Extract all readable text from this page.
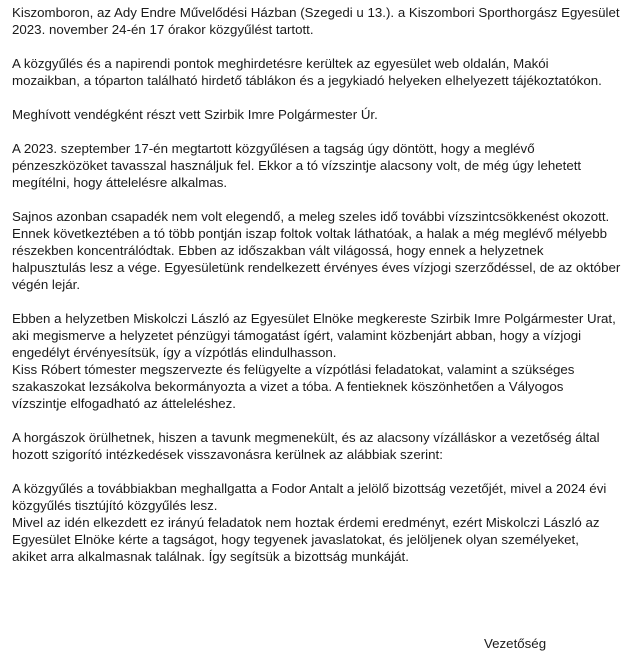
Kiszomboron, az Ady Endre Művelődési Házban (Szegedi u 13.). a Kiszombori Sporthorgász Egyesület
2023. november 24-én 17 órakor közgyűlést tartott.

A közgyűlés és a napirendi pontok meghirdetésre kerültek az egyesület web oldalán, Makói
mozaikban, a tóparton található hirdető táblákon és a jegykiadó helyeken elhelyezett tájékoztatókon.

Meghívott vendégként részt vett Szirbik Imre Polgármester Úr.

A 2023. szeptember 17-én megtartott közgyűlésen a tagság úgy döntött, hogy a meglévő
pénzeszközöket tavasszal használjuk fel. Ekkor a tó vízszintje alacsony volt, de még úgy lehetett
megítélni, hogy áttelelésre alkalmas.

Sajnos azonban csapadék nem volt elegendő, a meleg szeles idő további vízszintcsökkenést okozott.
Ennek következtében a tó több pontján iszap foltok voltak láthatóak, a halak a még meglévő mélyebb
részekben koncentrálódtak. Ebben az időszakban vált világossá, hogy ennek a helyzetnek
halpusztulás lesz a vége. Egyesületünk rendelkezett érvényes éves vízjogi szerződéssel, de az október
végén lejár.

Ebben a helyzetben Miskolczi László az Egyesület Elnöke megkereste Szirbik Imre Polgármester Urat,
aki megismerve a helyzetet pénzügyi támogatást ígért, valamint közbenjárt abban, hogy a vízjogi
engedélyt érvényesítsük, így a vízpótlás elindulhasson.
Kiss Róbert tómester megszervezte és felügyelte a vízpótlási feladatokat, valamint a szükséges
szakaszokat lezsákolva bekormányozta a vizet a tóba. A fentieknek köszönhetően a Vályogos
vízszintje elfogadható az átteleléshez.

A horgászok örülhetnek, hiszen a tavunk megmenekült, és az alacsony vízálláskor a vezetőség által
hozott szigorító intézkedések visszavonásra kerülnek az alábbiak szerint:

A közgyűlés a továbbiakban meghallgatta a Fodor Antalt a jelölő bizottság vezetőjét, mivel a 2024 évi
közgyűlés tisztújító közgyűlés lesz.
Mivel az idén elkezdett ez irányú feladatok nem hoztak érdemi eredményt, ezért Miskolczi László az
Egyesület Elnöke kérte a tagságot, hogy tegyenek javaslatokat, és jelöljenek olyan személyeket,
akiket arra alkalmasnak találnak. Így segítsük a bizottság munkáját.

Vezetőség
